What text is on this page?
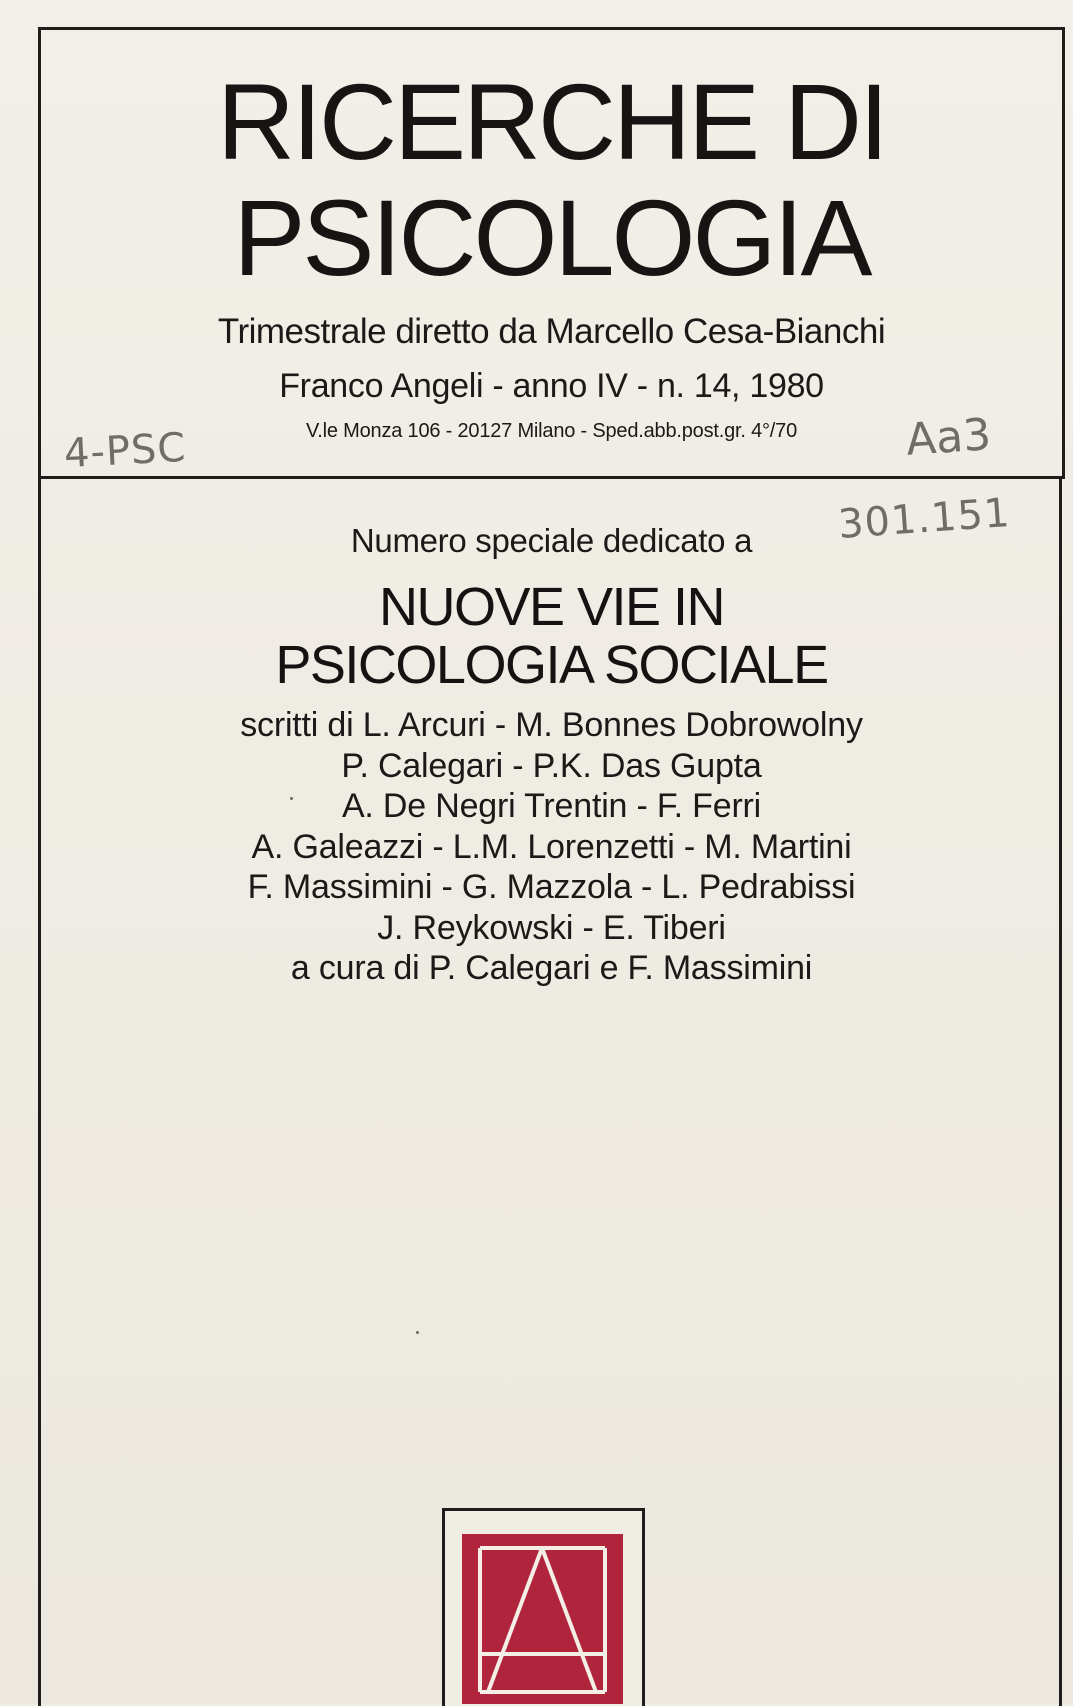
RICERCHE DI
PSICOLOGIA
Trimestrale diretto da Marcello Cesa-Bianchi
Franco Angeli - anno IV - n. 14, 1980
V.le Monza 106 - 20127 Milano - Sped.abb.post.gr. 4°/70
4-PSC	Aa3
301.151
Numero speciale dedicato a
NUOVE VIE IN
PSICOLOGIA SOCIALE
scritti di L. Arcuri - M. Bonnes Dobrowolny
P. Calegari - P.K. Das Gupta
A. De Negri Trentin - F. Ferri
A. Galeazzi - L.M. Lorenzetti - M. Martini
F. Massimini - G. Mazzola - L. Pedrabissi
J. Reykowski - E. Tiberi
a cura di P. Calegari e F. Massimini
